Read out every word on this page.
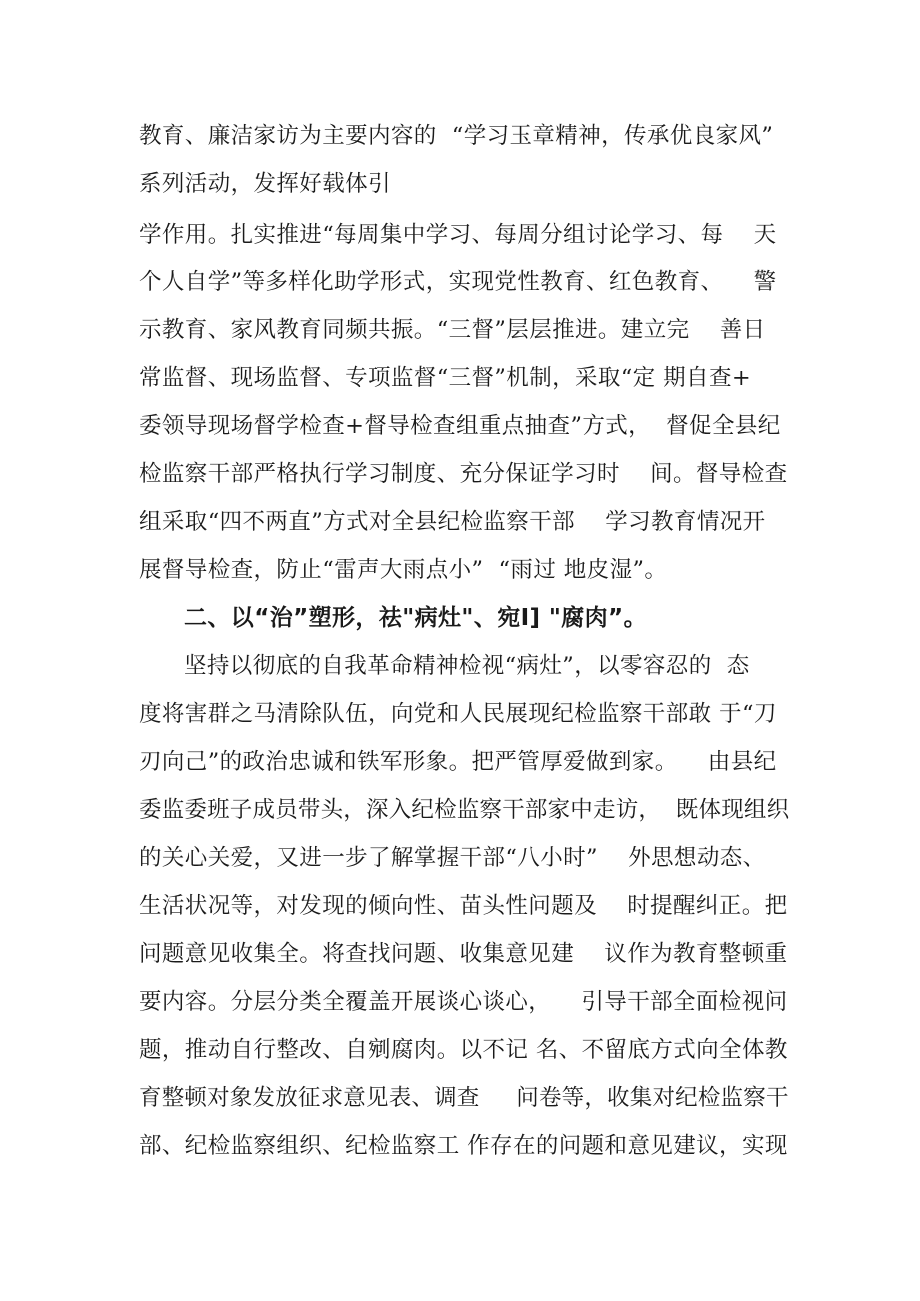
教育、廉洁家访为主要内容的  “学习玉章精神，传承优良家风”
系列活动，发挥好载体引
学作用。扎实推进“每周集中学习、每周分组讨论学习、每    天
个人自学”等多样化助学形式，实现党性教育、红色教育、    警
示教育、家风教育同频共振。“三督”层层推进。建立完    善日
常监督、现场监督、专项监督“三督”机制，采取“定 期自查+
委领导现场督学检查+督导检查组重点抽查”方式，  督促全县纪
检监察干部严格执行学习制度、充分保证学习时    间。督导检查
组采取“四不两直”方式对全县纪检监察干部    学习教育情况开
展督导检查，防止“雷声大雨点小”  “雨过 地皮湿”。
二、以“治”塑形，祛"病灶"、宛I] "腐肉”。
坚持以彻底的自我革命精神检视“病灶”，以零容忍的  态
度将害群之马清除队伍，向党和人民展现纪检监察干部敢 于“刀
刃向己”的政治忠诚和铁军形象。把严管厚爱做到家。    由县纪
委监委班子成员带头，深入纪检监察干部家中走访，  既体现组织
的关心关爱，又进一步了解掌握干部“八小时”    外思想动态、
生活状况等，对发现的倾向性、苗头性问题及    时提醒纠正。把
问题意见收集全。将查找问题、收集意见建    议作为教育整顿重
要内容。分层分类全覆盖开展谈心谈心，    引导干部全面检视问
题，推动自行整改、自剜腐肉。以不记 名、不留底方式向全体教
育整顿对象发放征求意见表、调查     问卷等，收集对纪检监察干
部、纪检监察组织、纪检监察工 作存在的问题和意见建议，实现
